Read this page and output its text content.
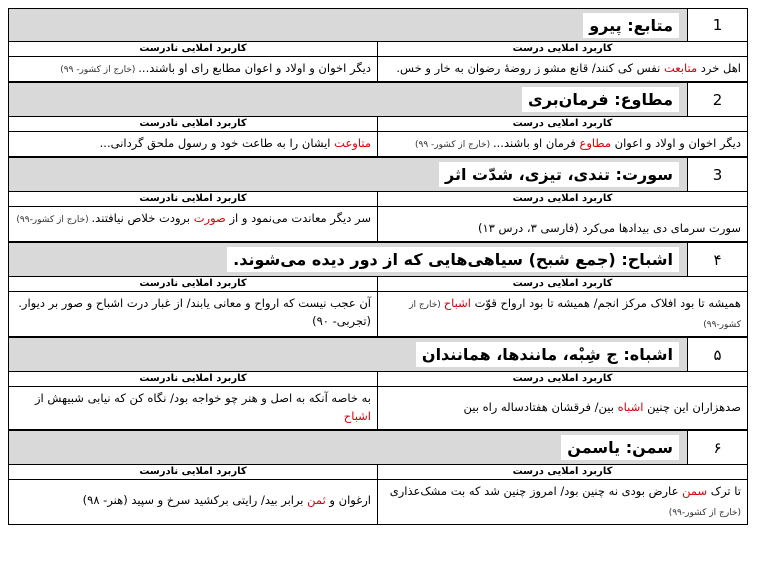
1
متابع: پیرو
کاربرد املایی درست
اهل خرد متابعت نفس کی کنند/ قانع مشو ز روضهٔ رضوان به خار و خس.
کاربرد املایی نادرست
دیگر اخوان و اولاد و اعوان مطابع رای او باشند... (خارج از کشور- ۹۹)
2
مطاوع: فرمان‌بری
کاربرد املایی درست
دیگر اخوان و اولاد و اعوان مطاوع فرمان او باشند... (خارج از کشور- ۹۹)
کاربرد املایی نادرست
متاوعت ایشان را به طاعت خود و رسول ملحق گردانی...
3
سورت: تندی، تیزی، شدّت اثر
کاربرد املایی درست
سورت سرمای دی بیدادها می‌کرد (فارسی ۳، درس ۱۳)
کاربرد املایی نادرست
سر دیگر معاندت می‌نمود و از صورت برودت خلاص نیافتند. (خارج از کشور-۹۹)
۴
اشباح: (جمع شبح) سیاهی‌هایی که از دور دیده می‌شوند.
کاربرد املایی درست
همیشه تا بود افلاک مرکز انجم/ همیشه تا بود ارواح قوّت اشباح (خارج از کشور-۹۹)
کاربرد املایی نادرست
آن عجب نیست که ارواح و معانی یابند/ از غبار درت اشباح و صور بر دیوار. (تجربی- ۹۰)
۵
اشباه: ج شِبْه، مانندها، همانندان
کاربرد املایی درست
صدهزاران این چنین اشباه بین/ فرقشان هفتادساله راه بین
کاربرد املایی نادرست
به خاصه آنکه به اصل و هنر چو خواجه بود/ نگاه کن که نیابی شبیهش از اشباح
۶
سمن: یاسمن
کاربرد املایی درست
تا ترک سمن عارض بودی نه چنین بود/ امروز چنین شد که بت مشک‌عذاری (خارج از کشور-۹۹)
کاربرد املایی نادرست
ارغوان و ثمن برابر بید/ رایتی برکشید سرخ و سپید (هنر- ۹۸)
